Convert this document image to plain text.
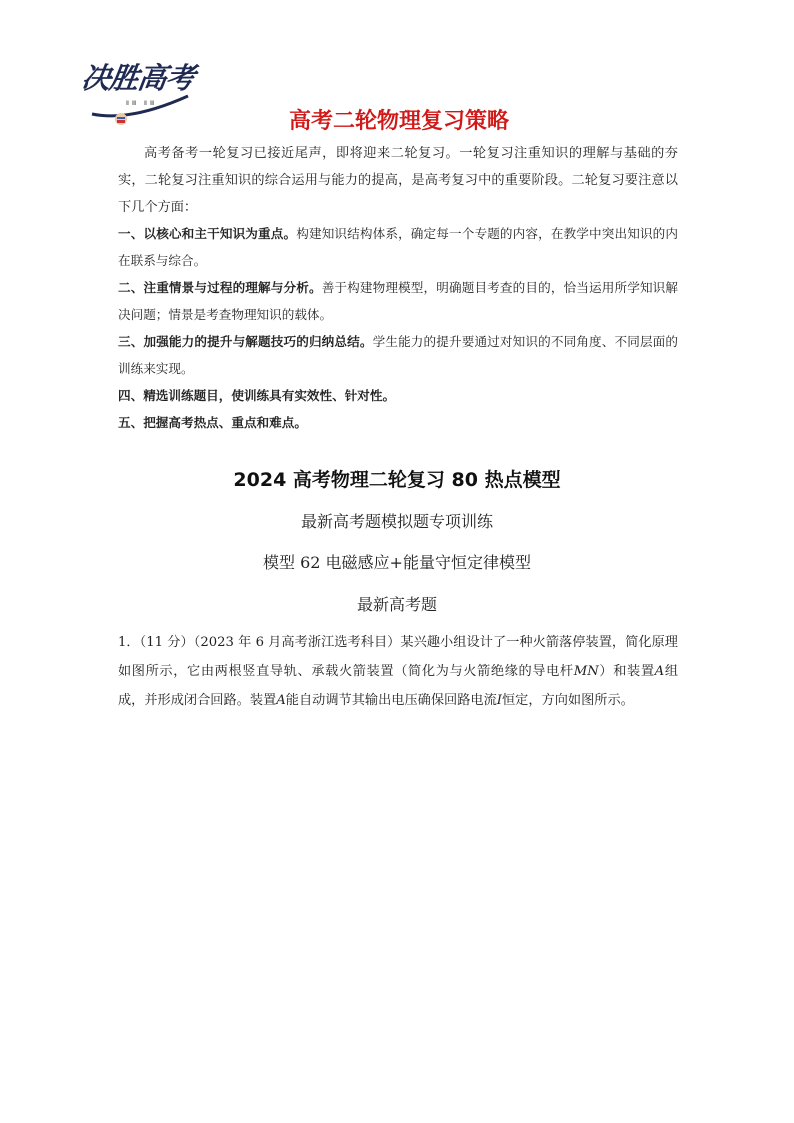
决胜高考
ⅡⅢ ⅡⅢ
高考二轮物理复习策略
高考备考一轮复习已接近尾声，即将迎来二轮复习。一轮复习注重知识的理解与基础的夯实，二轮复习注重知识的综合运用与能力的提高，是高考复习中的重要阶段。二轮复习要注意以下几个方面：
一、以核心和主干知识为重点。构建知识结构体系，确定每一个专题的内容，在教学中突出知识的内在联系与综合。
二、注重情景与过程的理解与分析。善于构建物理模型，明确题目考查的目的，恰当运用所学知识解决问题；情景是考查物理知识的载体。
三、加强能力的提升与解题技巧的归纳总结。学生能力的提升要通过对知识的不同角度、不同层面的训练来实现。
四、精选训练题目，使训练具有实效性、针对性。
五、把握高考热点、重点和难点。
2024 高考物理二轮复习 80 热点模型
最新高考题模拟题专项训练
模型 62 电磁感应+能量守恒定律模型
最新高考题
1．（11 分）（2023 年 6 月高考浙江选考科目）某兴趣小组设计了一种火箭落停装置，简化原理如图所示，它由两根竖直导轨、承载火箭装置（简化为与火箭绝缘的导电杆MN）和装置A组成，并形成闭合回路。装置A能自动调节其输出电压确保回路电流I恒定，方向如图所示。
